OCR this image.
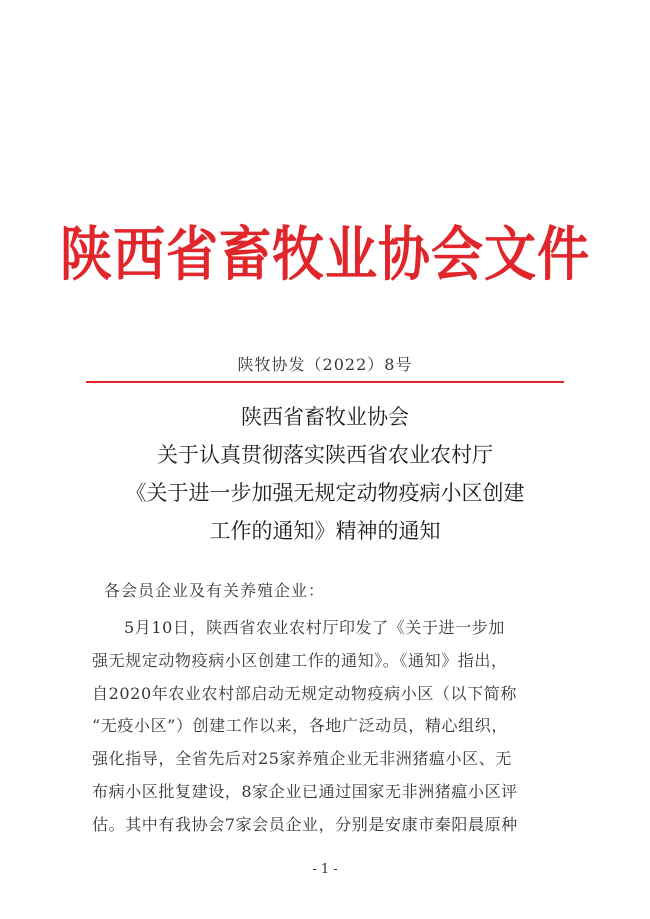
陕西省畜牧业协会文件
陕牧协发（2022）8号
陕西省畜牧业协会
关于认真贯彻落实陕西省农业农村厅
《关于进一步加强无规定动物疫病小区创建
工作的通知》精神的通知
各会员企业及有关养殖企业：
5月10日，陕西省农业农村厅印发了《关于进一步加
强无规定动物疫病小区创建工作的通知》。《通知》指出，
自2020年农业农村部启动无规定动物疫病小区（以下简称
“无疫小区”）创建工作以来，各地广泛动员，精心组织，
强化指导，全省先后对25家养殖企业无非洲猪瘟小区、无
布病小区批复建设，8家企业已通过国家无非洲猪瘟小区评
估。其中有我协会7家会员企业，分别是安康市秦阳晨原种
- 1 -
